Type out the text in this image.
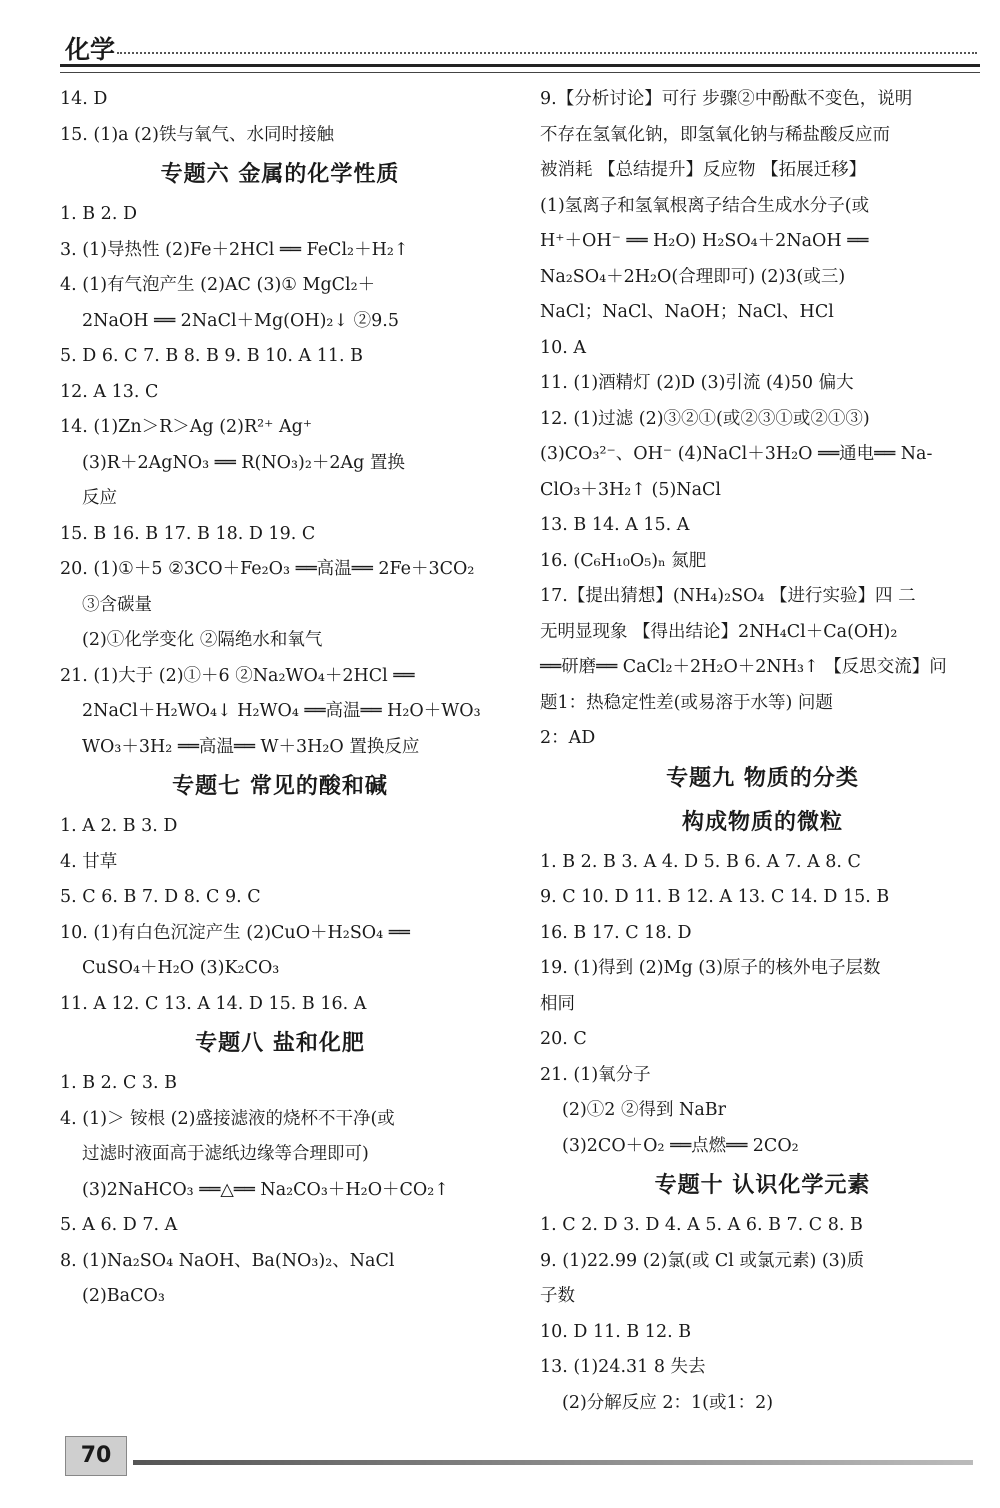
化学
14. D
15. (1)a (2)铁与氧气、水同时接触
专题六 金属的化学性质
1. B 2. D
3. (1)导热性 (2)Fe＋2HCl ══ FeCl₂＋H₂↑
4. (1)有气泡产生 (2)AC (3)① MgCl₂＋
2NaOH ══ 2NaCl＋Mg(OH)₂↓ ②9.5
5. D 6. C 7. B 8. B 9. B 10. A 11. B
12. A 13. C
14. (1)Zn＞R＞Ag (2)R²⁺ Ag⁺
(3)R＋2AgNO₃ ══ R(NO₃)₂＋2Ag 置换
反应
15. B 16. B 17. B 18. D 19. C
20. (1)①＋5 ②3CO＋Fe₂O₃ ══高温══ 2Fe＋3CO₂
③含碳量
(2)①化学变化 ②隔绝水和氧气
21. (1)大于 (2)①＋6 ②Na₂WO₄＋2HCl ══
2NaCl＋H₂WO₄↓ H₂WO₄ ══高温══ H₂O＋WO₃
WO₃＋3H₂ ══高温══ W＋3H₂O 置换反应
专题七 常见的酸和碱
1. A 2. B 3. D
4. 甘草
5. C 6. B 7. D 8. C 9. C
10. (1)有白色沉淀产生 (2)CuO＋H₂SO₄ ══
CuSO₄＋H₂O (3)K₂CO₃
11. A 12. C 13. A 14. D 15. B 16. A
专题八 盐和化肥
1. B 2. C 3. B
4. (1)＞ 铵根 (2)盛接滤液的烧杯不干净(或
过滤时液面高于滤纸边缘等合理即可)
(3)2NaHCO₃ ══△══ Na₂CO₃＋H₂O＋CO₂↑
5. A 6. D 7. A
8. (1)Na₂SO₄ NaOH、Ba(NO₃)₂、NaCl
(2)BaCO₃
9.【分析讨论】可行 步骤②中酚酞不变色，说明
不存在氢氧化钠，即氢氧化钠与稀盐酸反应而
被消耗 【总结提升】反应物 【拓展迁移】
(1)氢离子和氢氧根离子结合生成水分子(或
H⁺＋OH⁻ ══ H₂O) H₂SO₄＋2NaOH ══
Na₂SO₄＋2H₂O(合理即可) (2)3(或三)
NaCl；NaCl、NaOH；NaCl、HCl
10. A
11. (1)酒精灯 (2)D (3)引流 (4)50 偏大
12. (1)过滤 (2)③②①(或②③①或②①③)
(3)CO₃²⁻、OH⁻ (4)NaCl＋3H₂O ══通电══ Na-
ClO₃＋3H₂↑ (5)NaCl
13. B 14. A 15. A
16. (C₆H₁₀O₅)ₙ 氮肥
17.【提出猜想】(NH₄)₂SO₄ 【进行实验】四 二
无明显现象 【得出结论】2NH₄Cl＋Ca(OH)₂
══研磨══ CaCl₂＋2H₂O＋2NH₃↑ 【反思交流】问
题1：热稳定性差(或易溶于水等) 问题
2：AD
专题九 物质的分类
构成物质的微粒
1. B 2. B 3. A 4. D 5. B 6. A 7. A 8. C
9. C 10. D 11. B 12. A 13. C 14. D 15. B
16. B 17. C 18. D
19. (1)得到 (2)Mg (3)原子的核外电子层数
相同
20. C
21. (1)氧分子
(2)①2 ②得到 NaBr
(3)2CO＋O₂ ══点燃══ 2CO₂
专题十 认识化学元素
1. C 2. D 3. D 4. A 5. A 6. B 7. C 8. B
9. (1)22.99 (2)氯(或 Cl 或氯元素) (3)质
子数
10. D 11. B 12. B
13. (1)24.31 8 失去
(2)分解反应 2：1(或1：2)
70
